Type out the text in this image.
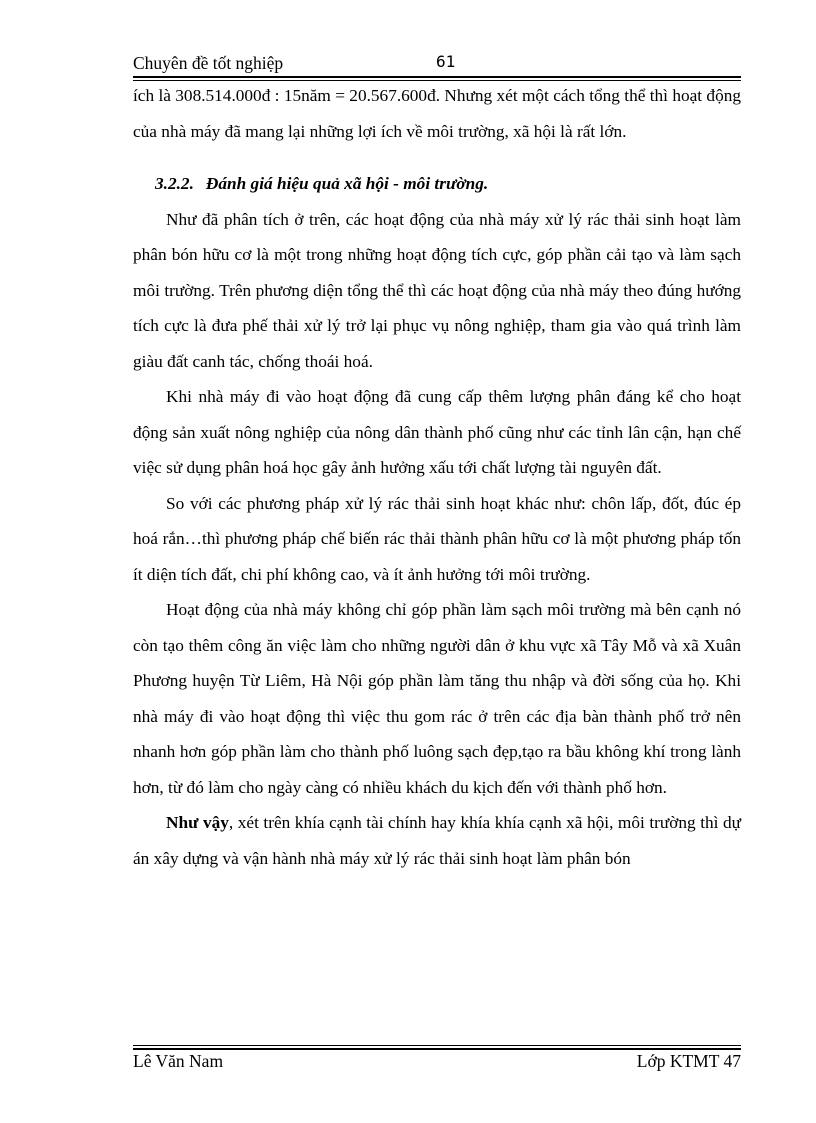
Chuyên đề tốt nghiệp	61

ích là 308.514.000đ : 15năm = 20.567.600đ. Nhưng xét một cách tổng thể thì hoạt động của nhà máy đã mang lại những lợi ích về môi trường, xã hội là rất lớn.

3.2.2. Đánh giá hiệu quả xã hội - môi trường.

Như đã phân tích ở trên, các hoạt động của nhà máy xử lý rác thải sinh hoạt làm phân bón hữu cơ là một trong những hoạt động tích cực, góp phần cải tạo và làm sạch môi trường. Trên phương diện tổng thể thì các hoạt động của nhà máy theo đúng hướng tích cực là đưa phế thải xử lý trở lại phục vụ nông nghiệp, tham gia vào quá trình làm giàu đất canh tác, chống thoái hoá.

Khi nhà máy đi vào hoạt động đã cung cấp thêm lượng phân đáng kể cho hoạt động sản xuất nông nghiệp của nông dân thành phố cũng như các tỉnh lân cận, hạn chế việc sử dụng phân hoá học gây ảnh hưởng xấu tới chất lượng tài nguyên đất.

So với các phương pháp xử lý rác thải sinh hoạt khác như: chôn lấp, đốt, đúc ép hoá rắn…thì phương pháp chế biến rác thải thành phân hữu cơ là một phương pháp tốn ít diện tích đất, chi phí không cao, và ít ảnh hưởng tới môi trường.

Hoạt động của nhà máy không chỉ góp phần làm sạch môi trường mà bên cạnh nó còn tạo thêm công ăn việc làm cho những người dân ở khu vực xã Tây Mỗ và xã Xuân Phương huyện Từ Liêm, Hà Nội góp phần làm tăng thu nhập và đời sống của họ. Khi nhà máy đi vào hoạt động thì việc thu gom rác ở trên các địa bàn thành phố trở nên nhanh hơn góp phần làm cho thành phố luông sạch đẹp,tạo ra bầu không khí trong lành hơn, từ đó làm cho ngày càng có nhiều khách du kịch đến với thành phố hơn.

Như vậy, xét trên khía cạnh tài chính hay khía khía cạnh xã hội, môi trường thì dự án xây dựng và vận hành nhà máy xử lý rác thải sinh hoạt làm phân bón

Lê Văn Nam	Lớp KTMT 47
